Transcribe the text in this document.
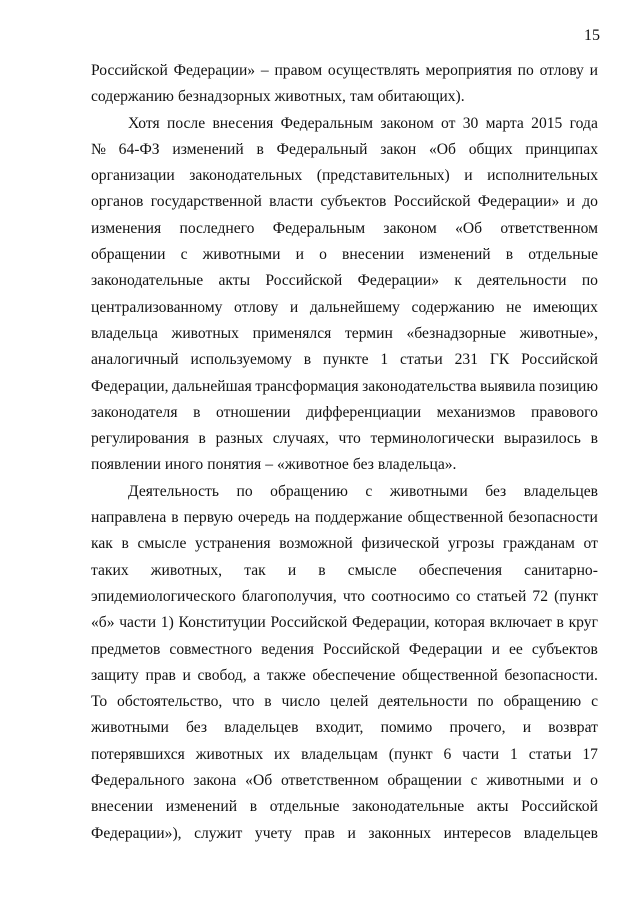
15
Российской Федерации» – правом осуществлять мероприятия по отлову и
содержанию безнадзорных животных, там обитающих).
Хотя после внесения Федеральным законом от 30 марта 2015 года
№ 64-ФЗ изменений в Федеральный закон «Об общих принципах
организации законодательных (представительных) и исполнительных
органов государственной власти субъектов Российской Федерации» и до
изменения последнего Федеральным законом «Об ответственном
обращении с животными и о внесении изменений в отдельные
законодательные акты Российской Федерации» к деятельности по
централизованному отлову и дальнейшему содержанию не имеющих
владельца животных применялся термин «безнадзорные животные»,
аналогичный используемому в пункте 1 статьи 231 ГК Российской
Федерации, дальнейшая трансформация законодательства выявила позицию
законодателя в отношении дифференциации механизмов правового
регулирования в разных случаях, что терминологически выразилось в
появлении иного понятия – «животное без владельца».
Деятельность по обращению с животными без владельцев
направлена в первую очередь на поддержание общественной безопасности
как в смысле устранения возможной физической угрозы гражданам от
таких животных, так и в смысле обеспечения санитарно-
эпидемиологического благополучия, что соотносимо со статьей 72 (пункт
«б» части 1) Конституции Российской Федерации, которая включает в круг
предметов совместного ведения Российской Федерации и ее субъектов
защиту прав и свобод, а также обеспечение общественной безопасности.
То обстоятельство, что в число целей деятельности по обращению с
животными без владельцев входит, помимо прочего, и возврат
потерявшихся животных их владельцам (пункт 6 части 1 статьи 17
Федерального закона «Об ответственном обращении с животными и о
внесении изменений в отдельные законодательные акты Российской
Федерации»), служит учету прав и законных интересов владельцев
